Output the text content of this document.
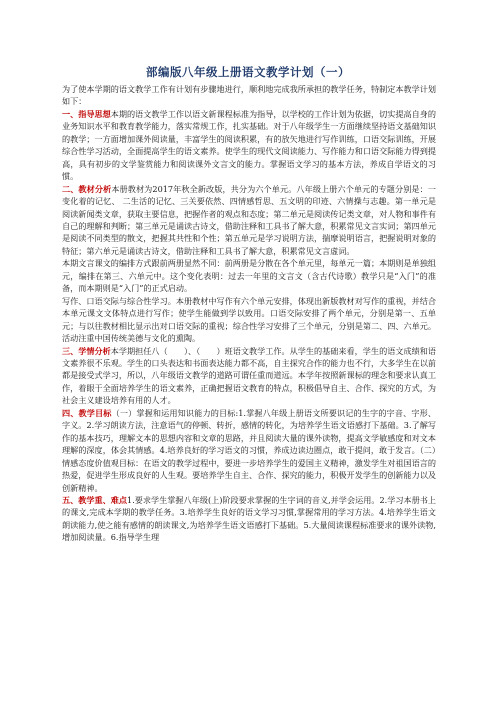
部编版八年级上册语文教学计划（一）

为了使本学期的语文教学工作有计划有步骤地进行，顺利地完成我所承担的教学任务，特制定本教学计划如下：

一、指导思想本期的语文教学工作以语文新课程标准为指导，以学校的工作计划为依据，切实提高自身的业务知识水平和教育教学能力，落实常规工作，扎实基础。对于八年级学生一方面继续坚持语文基础知识的教学；一方面增加课外阅读量，丰富学生的阅读积累，有的放矢地进行写作训练，口语交际训练，开展综合性学习活动，全面提高学生的语文素养。使学生的现代文阅读能力、写作能力和口语交际能力得到提高，具有初步的文学鉴赏能力和阅读课外文言文的能力。掌握语文学习的基本方法，养成自学语文的习惯。

二、教材分析本册教材为2017年秋全新改版，共分为六个单元。八年级上册六个单元的专题分别是：一变化着的记忆、 二生活的记忆、三关要依然、四情感哲思、五文明的印迹、六情操与志趣。第一单元是阅读新闻类文章，获取主要信息，把握作者的观点和态度；第二单元是阅读传记类文章，对人物和事件有自己的理解和判断；第三单元是诵读古诗文，借助注释和工具书了解大意，积累常见文言实词；第四单元是阅读不同类型的散文，把握其共性和个性；第五单元是学习说明方法，揣摩说明语言，把握说明对象的特征；第六单元是诵读古诗文，借助注释和工具书了解大意，积累常见文言虚词。

本期文言课文的编排方式跟前两册显然不同：前两册是分散在各个单元里，每单元一篇；本期则是单独组元，编排在第三、六单元中。这个变化表明：过去一年里的文言文（含古代诗歌）教学只是“入门”的准备，而本期则是“入门”的正式启动。

写作、口语交际与综合性学习。本册教材中写作有六个单元安排，体现出新版教材对写作的重视，并结合本单元课文文体特点进行写作；使学生能做到学以致用。口语交际安排了两个单元，分别是第一、五单元；与以往教材相比显示出对口语交际的重视；综合性学习安排了三个单元，分别是第二、四、六单元。活动注重中国传统美德与文化的熏陶。

三、学情分析本学期担任八（　　）、（　　）班语文教学工作。从学生的基础来看，学生的语文成绩和语文素养很不乐观。学生的口头表达和书面表达能力都不高，自主探究合作的能力也不行，大多学生在以前都是接受式学习，所以，八年级语文教学的道路可谓任重而道远。本学年按照新课标的理念和要求认真工作，着眼于全面培养学生的语文素养，正确把握语文教育的特点，积极倡导自主、合作、探究的方式，为社会主义建设培养有用的人才。

四、教学目标（一）掌握和运用知识能力的目标:1.掌握八年级上册语文所要识记的生字的字音、字形、字义。2.学习朗读方法，注意语气的停顿、转折，感情的转化，为培养学生语文语感打下基础。3.了解写作的基本技巧，理解文本的思想内容和文章的思路，并且阅读大量的课外读物，提高文学敏感度和对文本理解的深度，体会其情感。4.培养良好的学习语文的习惯，养成边读边圈点，敢于提问，敢于发言。（二）情感态度价值观目标：在语文的教学过程中，要进一步培养学生的爱国主义精神，激发学生对祖国语言的热爱，促进学生形成良好的人生观。要培养学生自主、合作、探究的能力，积极开发学生的创新能力以及创新精神。

五、教学重、难点1.要求学生掌握八年级(上)阶段要求掌握的生字词的音义,并学会运用。2.学习本册书上的课文,完成本学期的教学任务。3.培养学生良好的语文学习习惯,掌握常用的学习方法。4.培养学生语文朗读能力,使之能有感情的朗读课文,为培养学生语文语感打下基础。5.大量阅读课程标准要求的课外读物,增加阅读量。6.指导学生理
